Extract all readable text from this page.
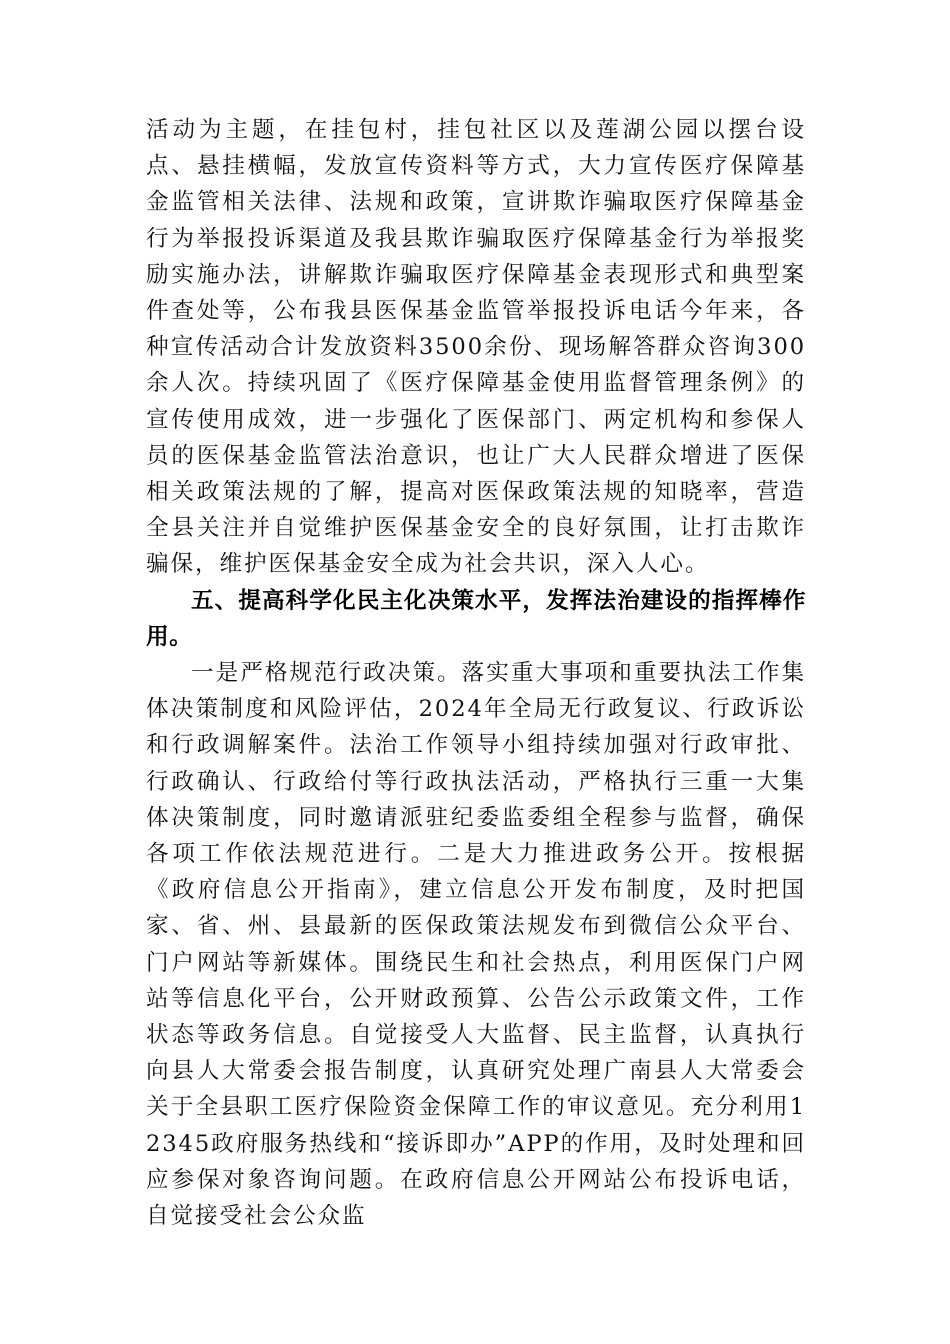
活动为主题，在挂包村，挂包社区以及莲湖公园以摆台设点、悬挂横幅，发放宣传资料等方式，大力宣传医疗保障基金监管相关法律、法规和政策，宣讲欺诈骗取医疗保障基金行为举报投诉渠道及我县欺诈骗取医疗保障基金行为举报奖励实施办法，讲解欺诈骗取医疗保障基金表现形式和典型案件查处等，公布我县医保基金监管举报投诉电话今年来，各种宣传活动合计发放资料3500余份、现场解答群众咨询300余人次。持续巩固了《医疗保障基金使用监督管理条例》的宣传使用成效，进一步强化了医保部门、两定机构和参保人员的医保基金监管法治意识，也让广大人民群众增进了医保相关政策法规的了解，提高对医保政策法规的知晓率，营造全县关注并自觉维护医保基金安全的良好氛围，让打击欺诈骗保，维护医保基金安全成为社会共识，深入人心。

五、提高科学化民主化决策水平，发挥法治建设的指挥棒作用。

一是严格规范行政决策。落实重大事项和重要执法工作集体决策制度和风险评估，2024年全局无行政复议、行政诉讼和行政调解案件。法治工作领导小组持续加强对行政审批、行政确认、行政给付等行政执法活动，严格执行三重一大集体决策制度，同时邀请派驻纪委监委组全程参与监督，确保各项工作依法规范进行。二是大力推进政务公开。按根据《政府信息公开指南》，建立信息公开发布制度，及时把国家、省、州、县最新的医保政策法规发布到微信公众平台、门户网站等新媒体。围绕民生和社会热点，利用医保门户网站等信息化平台，公开财政预算、公告公示政策文件，工作状态等政务信息。自觉接受人大监督、民主监督，认真执行向县人大常委会报告制度，认真研究处理广南县人大常委会关于全县职工医疗保险资金保障工作的审议意见。充分利用12345政府服务热线和“接诉即办”APP的作用，及时处理和回应参保对象咨询问题。在政府信息公开网站公布投诉电话，自觉接受社会公众监
